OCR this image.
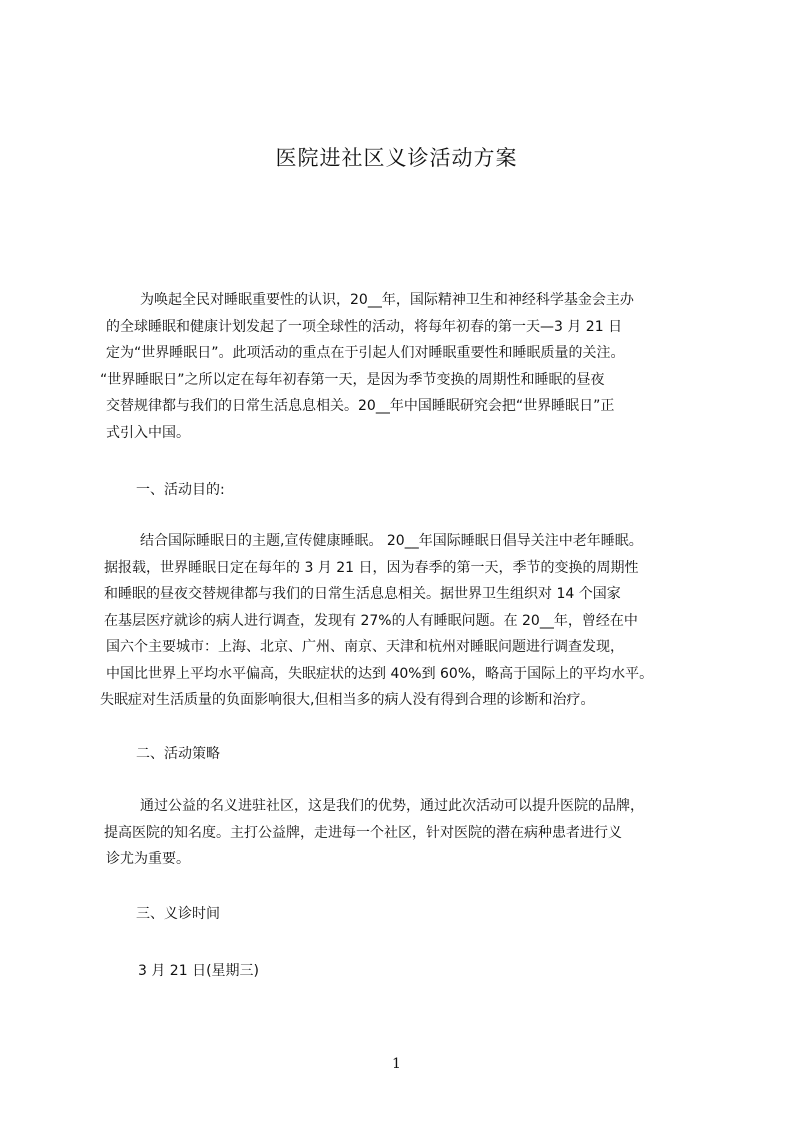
医院进社区义诊活动方案
为唤起全民对睡眠重要性的认识，20__年，国际精神卫生和神经科学基金会主办
的全球睡眠和健康计划发起了一项全球性的活动，将每年初春的第一天—3 月 21 日
定为“世界睡眠日”。此项活动的重点在于引起人们对睡眠重要性和睡眠质量的关注。
“世界睡眠日”之所以定在每年初春第一天，是因为季节变换的周期性和睡眠的昼夜
交替规律都与我们的日常生活息息相关。20__年中国睡眠研究会把“世界睡眠日”正
式引入中国。
一、活动目的:
结合国际睡眠日的主题,宣传健康睡眠。 20__年国际睡眠日倡导关注中老年睡眠。
据报载，世界睡眠日定在每年的 3 月 21 日，因为春季的第一天，季节的变换的周期性
和睡眠的昼夜交替规律都与我们的日常生活息息相关。据世界卫生组织对 14 个国家
在基层医疗就诊的病人进行调查，发现有 27%的人有睡眠问题。在 20__年，曾经在中
国六个主要城市：上海、北京、广州、南京、天津和杭州对睡眠问题进行调查发现，
中国比世界上平均水平偏高，失眠症状的达到 40%到 60%，略高于国际上的平均水平。
失眠症对生活质量的负面影响很大,但相当多的病人没有得到合理的诊断和治疗。
二、活动策略
通过公益的名义进驻社区，这是我们的优势，通过此次活动可以提升医院的品牌，
提高医院的知名度。主打公益牌，走进每一个社区，针对医院的潜在病种患者进行义
诊尤为重要。
三、义诊时间
3 月 21 日(星期三)
1
